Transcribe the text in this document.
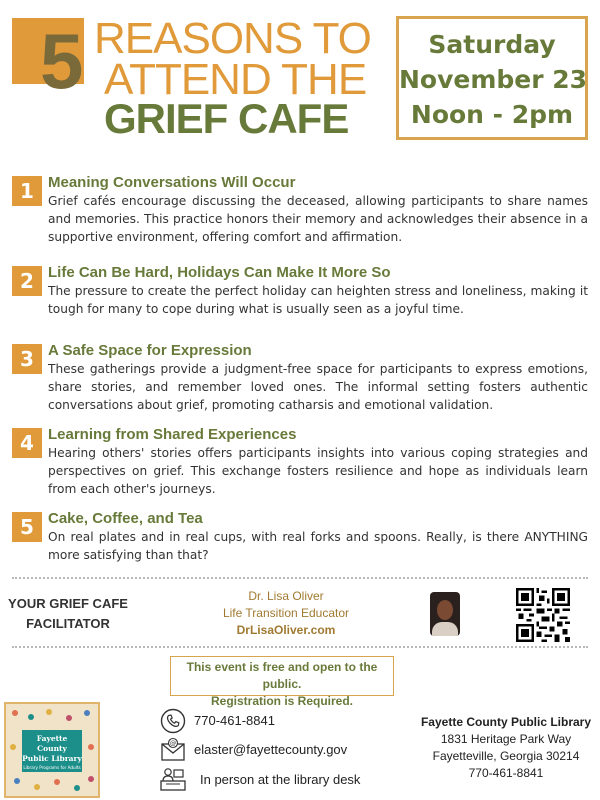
5 REASONS TO
ATTEND THE
GRIEF CAFE
Saturday
November 23
Noon - 2pm
1 Meaning Conversations Will Occur
Grief cafés encourage discussing the deceased, allowing participants to share names and memories. This practice honors their memory and acknowledges their absence in a supportive environment, offering comfort and affirmation.
2 Life Can Be Hard, Holidays Can Make It More So
The pressure to create the perfect holiday can heighten stress and loneliness, making it tough for many to cope during what is usually seen as a joyful time.
3 A Safe Space for Expression
These gatherings provide a judgment-free space for participants to express emotions, share stories, and remember loved ones. The informal setting fosters authentic conversations about grief, promoting catharsis and emotional validation.
4 Learning from Shared Experiences
Hearing others' stories offers participants insights into various coping strategies and perspectives on grief. This exchange fosters resilience and hope as individuals learn from each other's journeys.
5 Cake, Coffee, and Tea
On real plates and in real cups, with real forks and spoons. Really, is there ANYTHING more satisfying than that?
YOUR GRIEF CAFE
FACILITATOR
Dr. Lisa Oliver
Life Transition Educator
DrLisaOliver.com
This event is free and open to the public.
Registration is Required.
Fayette County
Public Library
Library Programs for Adults
770-461-8841
@ elaster@fayettecounty.gov
In person at the library desk
Fayette County Public Library
1831 Heritage Park Way
Fayetteville, Georgia 30214
770-461-8841
